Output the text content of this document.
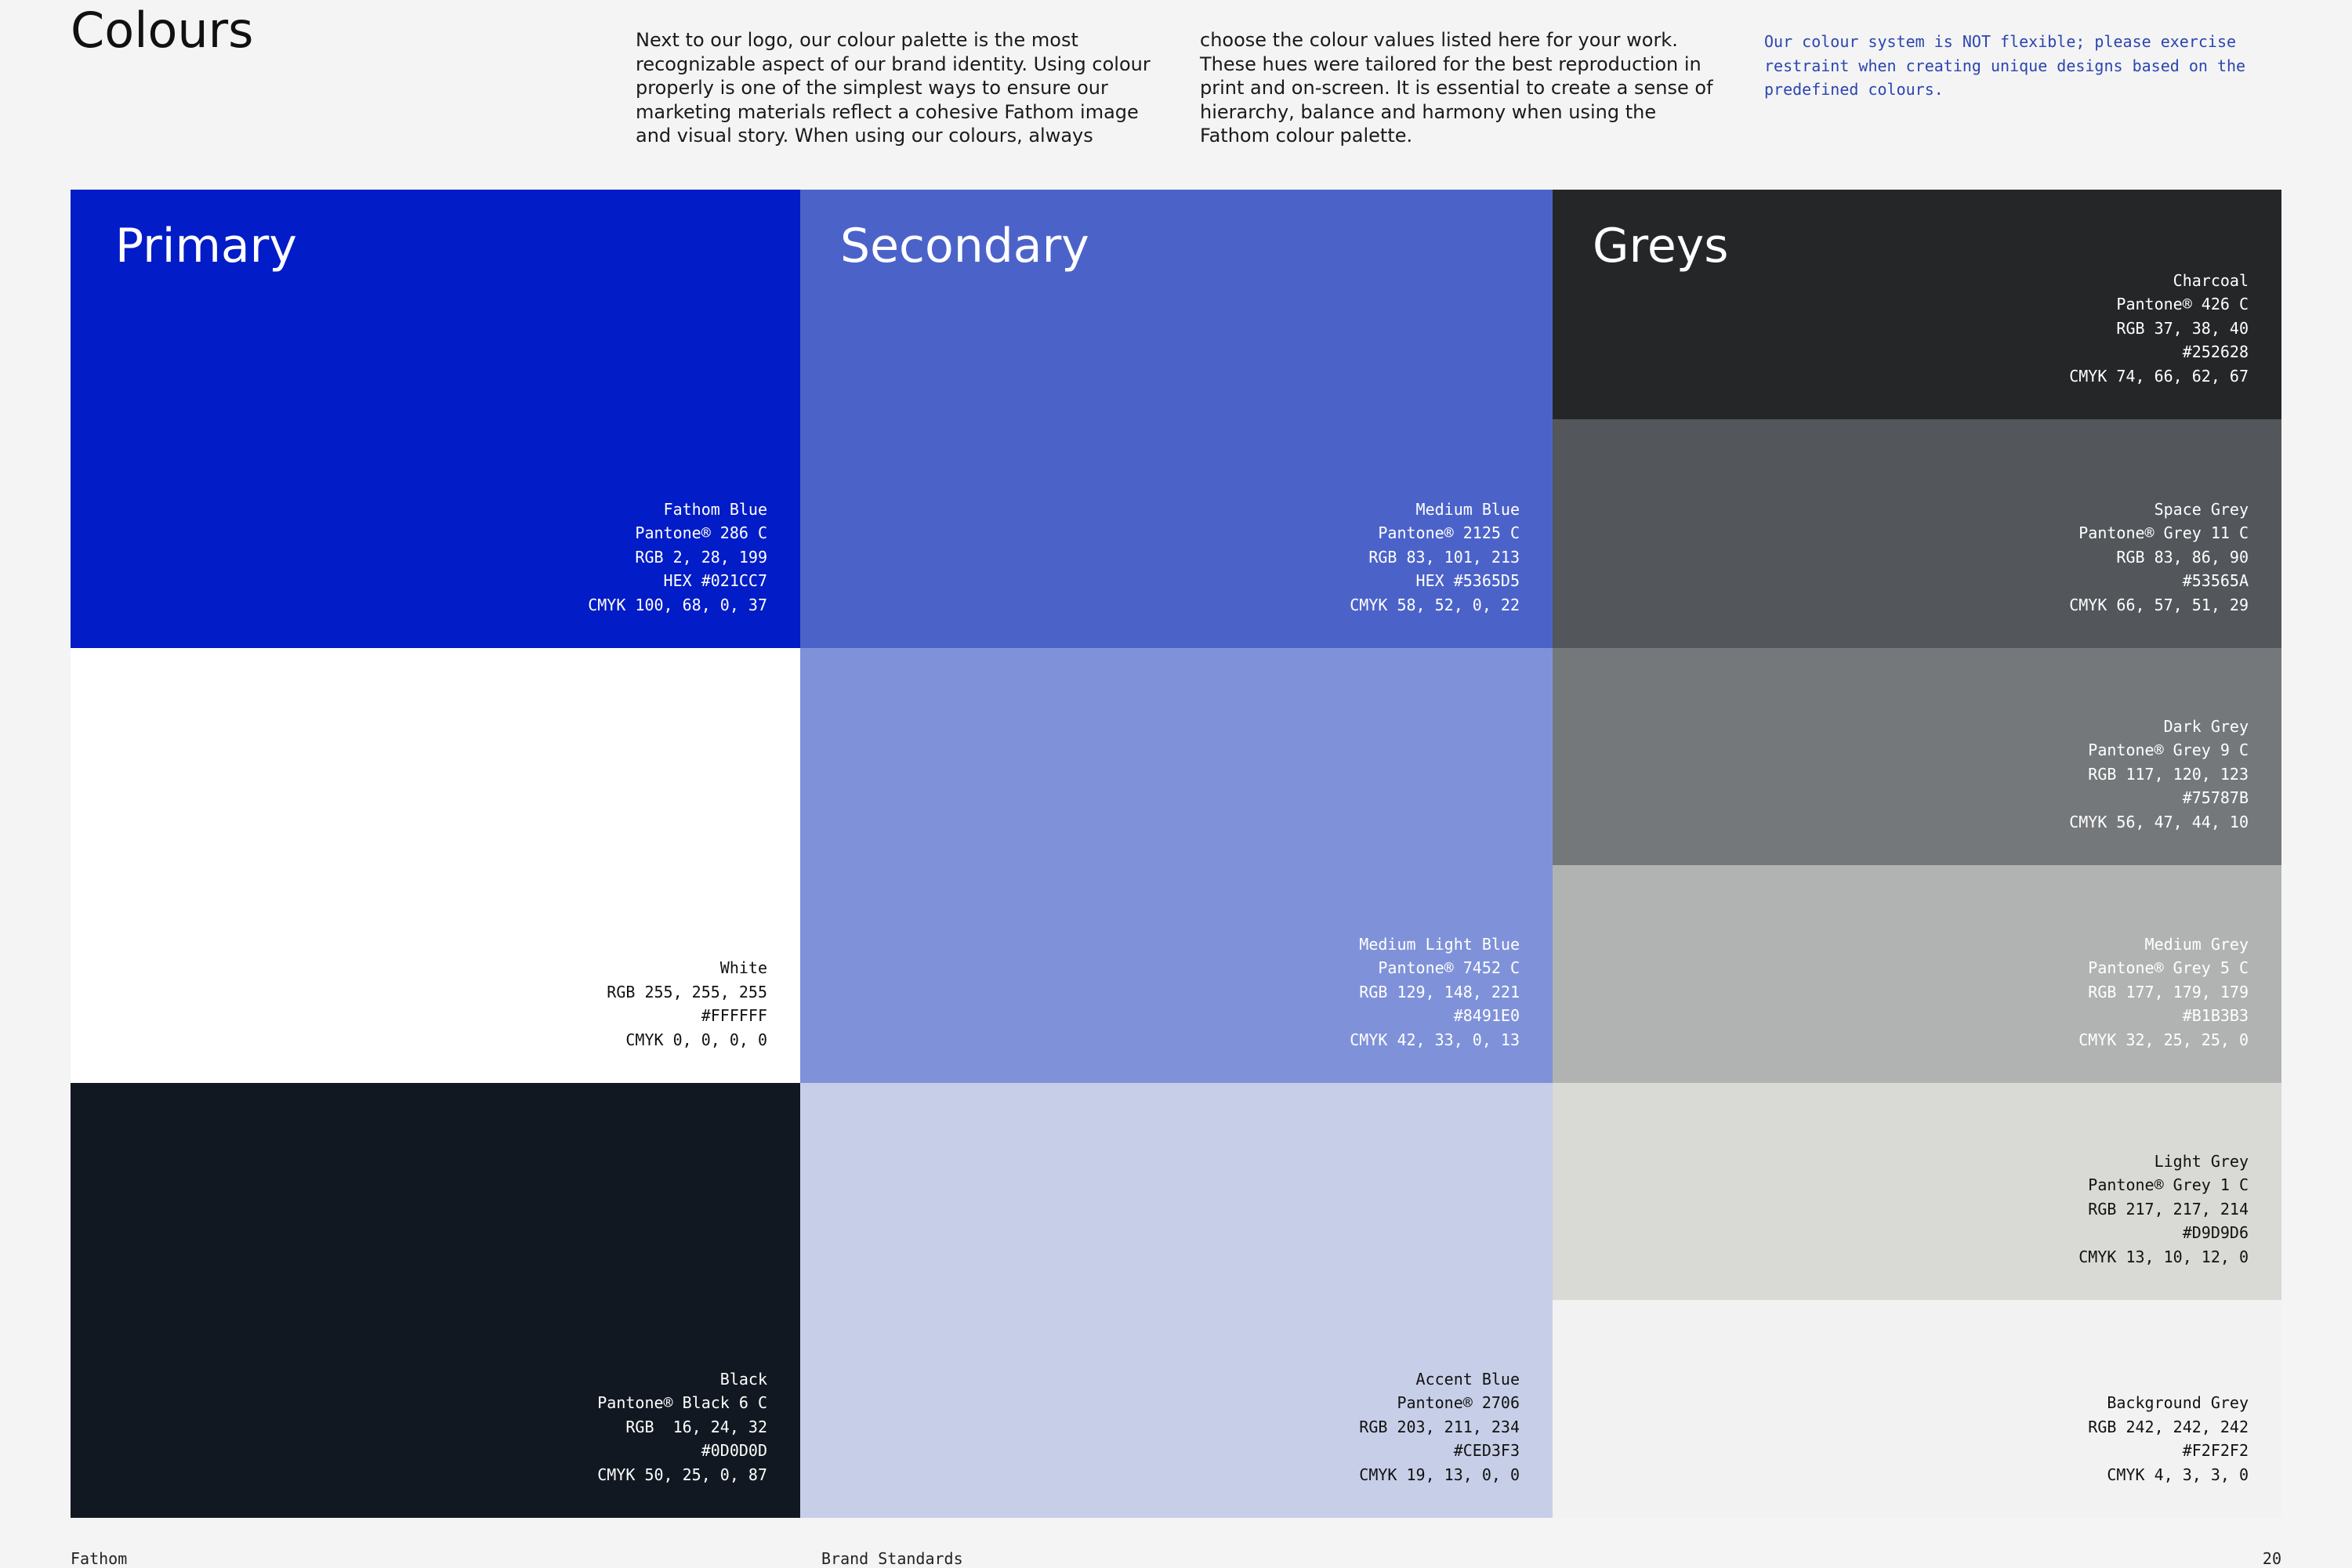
Colours	Next to our logo, our colour palette is the most recognizable aspect of our brand identity. Using colour properly is one of the simplest ways to ensure our marketing materials reflect a cohesive Fathom image and visual story. When using our colours, always

choose the colour values listed here for your work. These hues were tailored for the best reproduction in print and on-screen. It is essential to create a sense of hierarchy, balance and harmony when using the Fathom colour palette.

Our colour system is NOT flexible; please exercise restraint when creating unique designs based on the predefined colours.

Fathom Blue
Pantone® 286 C
RGB 2, 28, 199
HEX #021CC7
CMYK 100, 68, 0, 37
White
RGB 255, 255, 255
#FFFFFF
CMYK 0, 0, 0, 0
Black
Pantone® Black 6 C
RGB  16, 24, 32
#0D0D0D
CMYK 50, 25, 0, 87
Primary
Medium Blue
Pantone® 2125 C
RGB 83, 101, 213
HEX #5365D5
CMYK 58, 52, 0, 22
Medium Light Blue
Pantone® 7452 C
RGB 129, 148, 221
#8491E0
CMYK 42, 33, 0, 13
Accent Blue
Pantone® 2706
RGB 203, 211, 234
#CED3F3
CMYK 19, 13, 0, 0
Secondary
Charcoal
Pantone® 426 C
RGB 37, 38, 40
#252628
CMYK 74, 66, 62, 67
Space Grey
Pantone® Grey 11 C
RGB 83, 86, 90
#53565A
CMYK 66, 57, 51, 29
Dark Grey
Pantone® Grey 9 C
RGB 117, 120, 123
#75787B
CMYK 56, 47, 44, 10
Medium Grey
Pantone® Grey 5 C
RGB 177, 179, 179
#B1B3B3
CMYK 32, 25, 25, 0
Light Grey
Pantone® Grey 1 C
RGB 217, 217, 214
#D9D9D6
CMYK 13, 10, 12, 0
Background Grey
RGB 242, 242, 242
#F2F2F2
CMYK 4, 3, 3, 0
Greys
Fathom	Brand Standards	20
